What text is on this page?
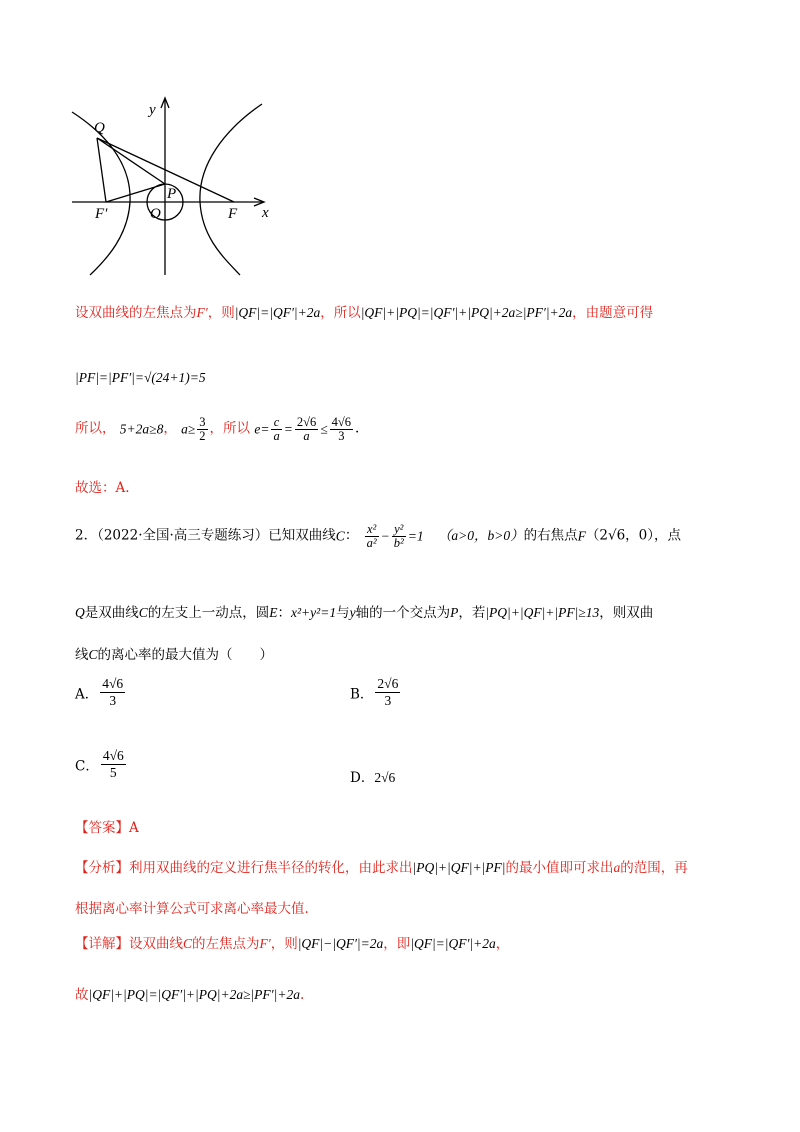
y
x
Q
P
O
F′	F
设双曲线的左焦点为F′，则|QF|=|QF′|+2a，所以|QF|+|PQ|=|QF′|+|PQ|+2a≥|PF′|+2a，由题意可得
|PF|=|PF′|=√(24+1)=5
所以， 5+2a≥8， $a\ge \frac{3}{2}$ ，所以 $e= \frac{c}{a} = \frac{2√6}{a} \le \frac{4√6}{3}$ .
故选：A.
2．（2022·全国·高三专题练习）已知双曲线C： $\frac{\text{x²}}{\text{a²}} - \frac{\text{y²}}{\text{b²}} =1$ （a>0，b>0）的右焦点F（2√6，0），点
Q是双曲线C的左支上一动点，圆E：x²+y²=1与y轴的一个交点为P，若|PQ|+|QF|+|PF|≥13，则双曲
线C的离心率的最大值为（　　）
A． $\frac{4√6}{3}$	B． $\frac{2√6}{3}$
C． $\frac{4√6}{5}$	D．2√6
【答案】A
【分析】利用双曲线的定义进行焦半径的转化，由此求出|PQ|+|QF|+|PF|的最小值即可求出a的范围，再
根据离心率计算公式可求离心率最大值.
【详解】设双曲线C的左焦点为F′，则|QF|−|QF′|=2a，即|QF|=|QF′|+2a，
故|QF|+|PQ|=|QF′|+|PQ|+2a≥|PF′|+2a.
